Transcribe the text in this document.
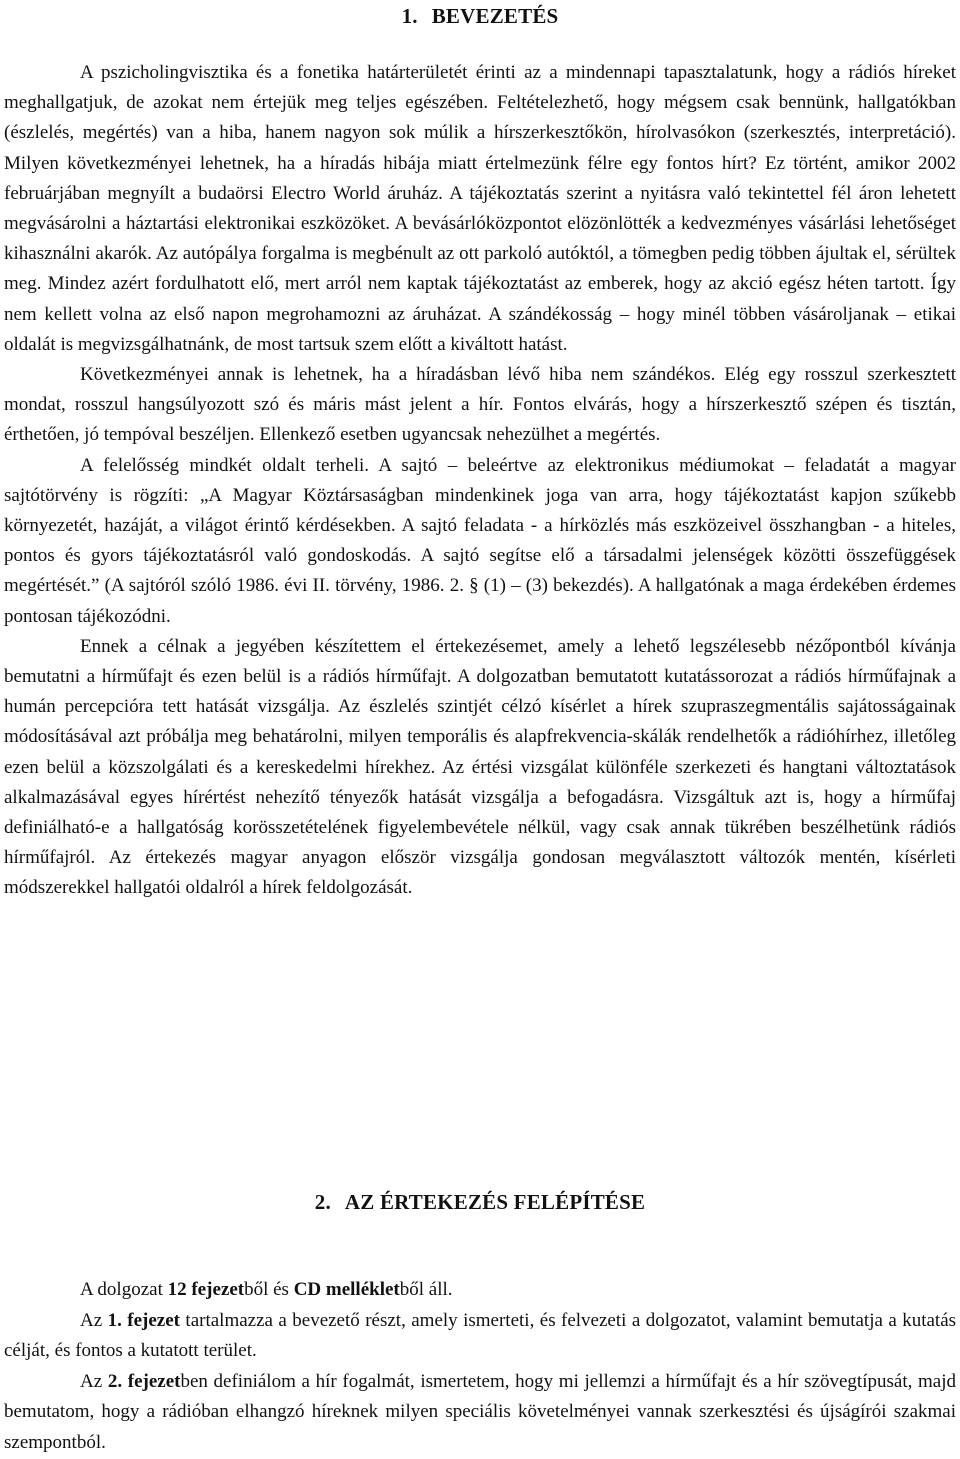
1. BEVEZETÉS

A pszicholingvisztika és a fonetika határterületét érinti az a mindennapi tapasztalatunk, hogy a rádiós híreket meghallgatjuk, de azokat nem értejük meg teljes egészében. Feltételezhető, hogy mégsem csak bennünk, hallgatókban (észlelés, megértés) van a hiba, hanem nagyon sok múlik a hírszerkesztőkön, hírolvasókon (szerkesztés, interpretáció). Milyen következményei lehetnek, ha a híradás hibája miatt értelmezünk félre egy fontos hírt? Ez történt, amikor 2002 februárjában megnyílt a budaörsi Electro World áruház. A tájékoztatás szerint a nyitásra való tekintettel fél áron lehetett megvásárolni a háztartási elektronikai eszközöket. A bevásárlóközpontot elözönlötték a kedvezményes vásárlási lehetőséget kihasználni akarók. Az autópálya forgalma is megbénult az ott parkoló autóktól, a tömegben pedig többen ájultak el, sérültek meg. Mindez azért fordulhatott elő, mert arról nem kaptak tájékoztatást az emberek, hogy az akció egész héten tartott. Így nem kellett volna az első napon megrohamozni az áruházat. A szándékosság – hogy minél többen vásároljanak – etikai oldalát is megvizsgálhatnánk, de most tartsuk szem előtt a kiváltott hatást.

Következményei annak is lehetnek, ha a híradásban lévő hiba nem szándékos. Elég egy rosszul szerkesztett mondat, rosszul hangsúlyozott szó és máris mást jelent a hír. Fontos elvárás, hogy a hírszerkesztő szépen és tisztán, érthetően, jó tempóval beszéljen. Ellenkező esetben ugyancsak nehezülhet a megértés.

A felelősség mindkét oldalt terheli. A sajtó – beleértve az elektronikus médiumokat – feladatát a magyar sajtótörvény is rögzíti: „A Magyar Köztársaságban mindenkinek joga van arra, hogy tájékoztatást kapjon szűkebb környezetét, hazáját, a világot érintő kérdésekben. A sajtó feladata - a hírközlés más eszközeivel összhangban - a hiteles, pontos és gyors tájékoztatásról való gondoskodás. A sajtó segítse elő a társadalmi jelenségek közötti összefüggések megértését.” (A sajtóról szóló 1986. évi II. törvény, 1986. 2. § (1) – (3) bekezdés). A hallgatónak a maga érdekében érdemes pontosan tájékozódni.

Ennek a célnak a jegyében készítettem el értekezésemet, amely a lehető legszélesebb nézőpontból kívánja bemutatni a hírműfajt és ezen belül is a rádiós hírműfajt. A dolgozatban bemutatott kutatássorozat a rádiós hírműfajnak a humán percepcióra tett hatását vizsgálja. Az észlelés szintjét célzó kísérlet a hírek szupraszegmentális sajátosságainak módosításával azt próbálja meg behatárolni, milyen temporális és alapfrekvencia-skálák rendelhetők a rádióhírhez, illetőleg ezen belül a közszolgálati és a kereskedelmi hírekhez. Az értési vizsgálat különféle szerkezeti és hangtani változtatások alkalmazásával egyes hírértést nehezítő tényezők hatását vizsgálja a befogadásra. Vizsgáltuk azt is, hogy a hírműfaj definiálható-e a hallgatóság korösszetételének figyelembevétele nélkül, vagy csak annak tükrében beszélhetünk rádiós hírműfajról. Az értekezés magyar anyagon először vizsgálja gondosan megválasztott változók mentén, kísérleti módszerekkel hallgatói oldalról a hírek feldolgozását.

2. AZ ÉRTEKEZÉS FELÉPÍTÉSE

A dolgozat 12 fejezetből és CD mellékletből áll.

Az 1. fejezet tartalmazza a bevezető részt, amely ismerteti, és felvezeti a dolgozatot, valamint bemutatja a kutatás célját, és fontos a kutatott terület.

Az 2. fejezetben definiálom a hír fogalmát, ismertetem, hogy mi jellemzi a hírműfajt és a hír szövegtípusát, majd bemutatom, hogy a rádióban elhangzó híreknek milyen speciális követelményei vannak szerkesztési és újságírói szakmai szempontból.
